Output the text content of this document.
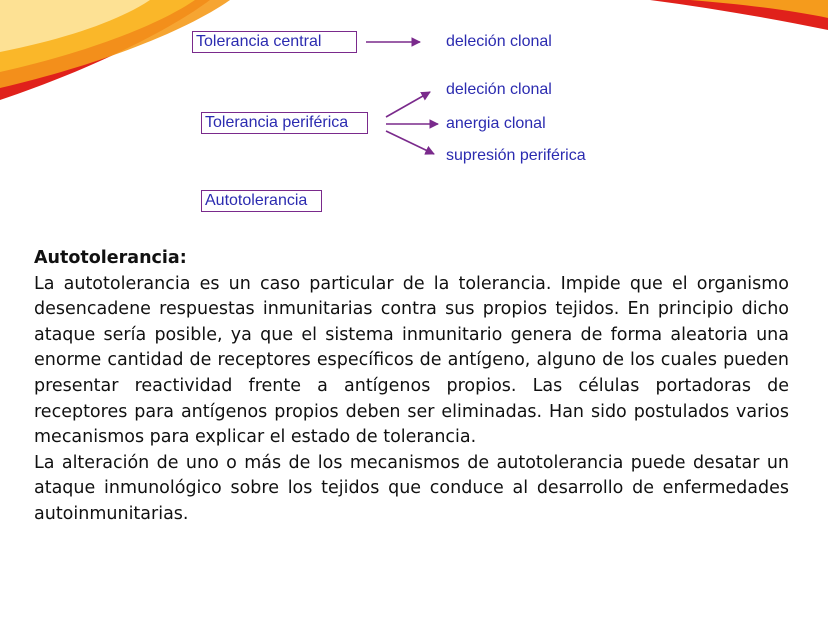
Tolerancia central
Tolerancia periférica
Autotolerancia
deleción clonal
deleción clonal
anergia clonal
supresión periférica
Autotolerancia:

La autotolerancia es un caso particular de la tolerancia. Impide que el organismo desencadene respuestas inmunitarias contra sus propios tejidos. En principio dicho ataque sería posible, ya que el sistema inmunitario genera de forma aleatoria una enorme cantidad de receptores específicos de antígeno, alguno de los cuales pueden presentar reactividad frente a antígenos propios. Las células portadoras de receptores para antígenos propios deben ser eliminadas. Han sido postulados varios mecanismos para explicar el estado de tolerancia.

La alteración de uno o más de los mecanismos de autotolerancia puede desatar un ataque inmunológico sobre los tejidos que conduce al desarrollo de enfermedades autoinmunitarias.
